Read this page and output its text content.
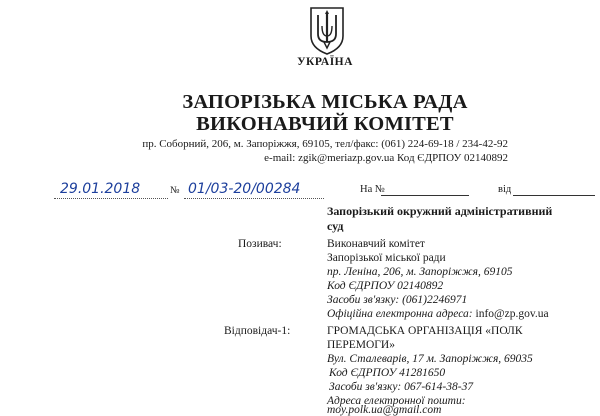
УКРАЇНА
ЗАПОРІЗЬКА МІСЬКА РАДА
ВИКОНАВЧИЙ КОМІТЕТ
пр. Соборний, 206, м. Запоріжжя, 69105, тел/факс: (061) 224-69-18 / 234-42-92
e-mail: zgik@meriazp.gov.ua Код ЄДРПОУ 02140892
29.01.2018	№ 01/03-20/00284	На №	від
Запорізький окружний адміністративний
суд
Позивач:	Виконавчий комітет
Запорізької міської ради
пр. Леніна, 206, м. Запоріжжя, 69105
Код ЄДРПОУ 02140892
Засоби зв'язку: (061)2246971
Офіційна електронна адреса: info@zp.gov.ua
Відповідач-1:	ГРОМАДСЬКА ОРГАНІЗАЦІЯ «ПОЛК
ПЕРЕМОГИ»
Вул. Сталеварів, 17 м. Запоріжжя, 69035
Код ЄДРПОУ 41281650
Засоби зв'язку: 067-614-38-37
Адреса електронної пошти:
moy.polk.ua@gmail.com
